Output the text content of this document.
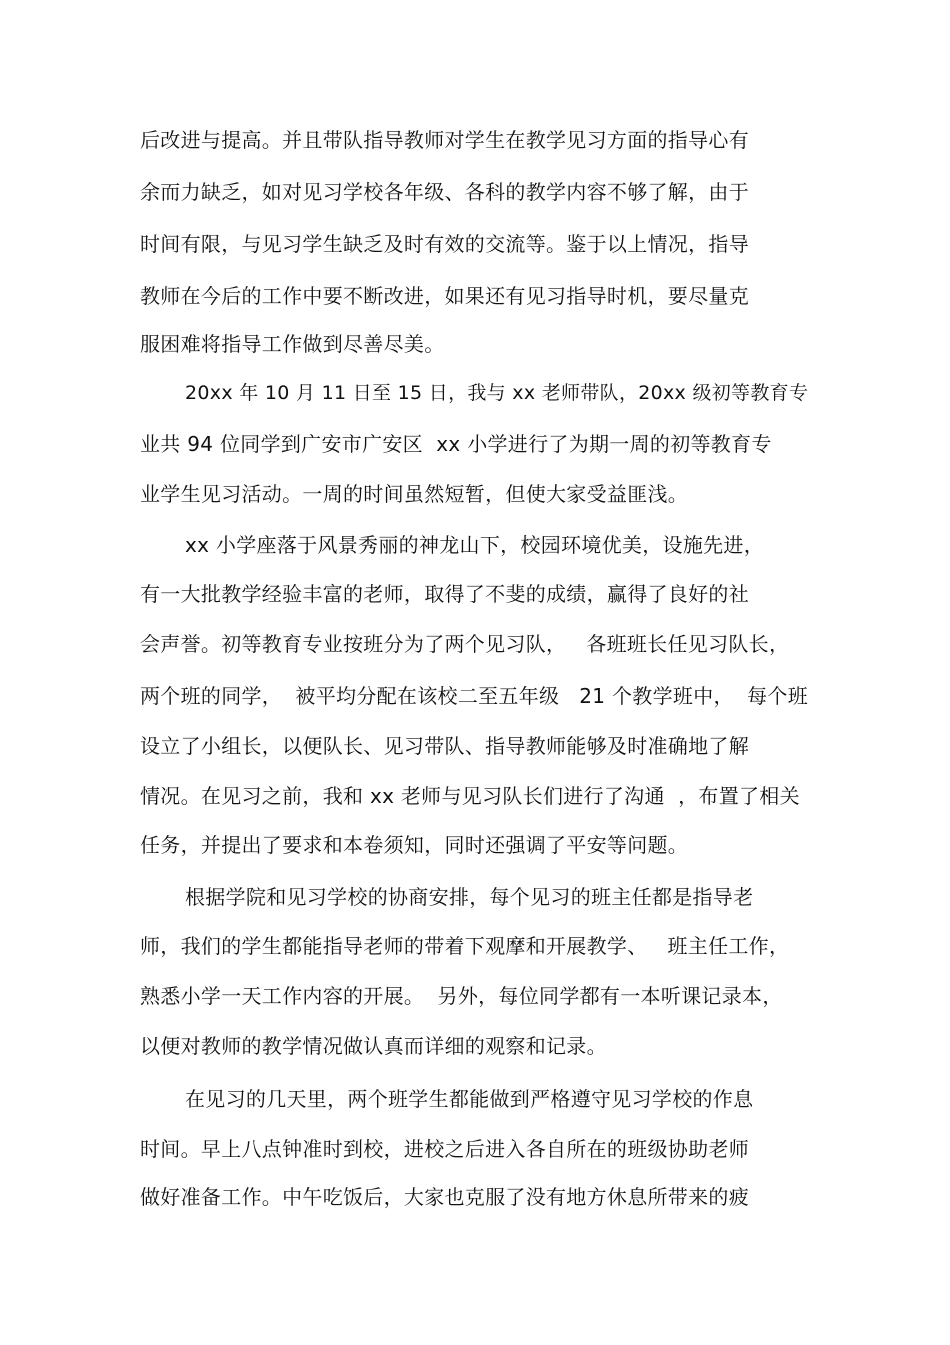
后改进与提高。并且带队指导教师对学生在教学见习方面的指导心有
余而力缺乏，如对见习学校各年级、各科的教学内容不够了解，由于
时间有限，与见习学生缺乏及时有效的交流等。鉴于以上情况，指导
教师在今后的工作中要不断改进，如果还有见习指导时机，要尽量克
服困难将指导工作做到尽善尽美。
20xx 年 10 月 11 日至 15 日，我与 xx 老师带队，20xx 级初等教育专
业共 94 位同学到广安市广安区  xx 小学进行了为期一周的初等教育专
业学生见习活动。一周的时间虽然短暂，但使大家受益匪浅。
xx 小学座落于风景秀丽的神龙山下，校园环境优美，设施先进，
有一大批教学经验丰富的老师，取得了不斐的成绩，赢得了良好的社
会声誉。初等教育专业按班分为了两个见习队，   各班班长任见习队长，
两个班的同学，  被平均分配在该校二至五年级   21 个教学班中，  每个班
设立了小组长，以便队长、见习带队、指导教师能够及时准确地了解
情况。在见习之前，我和 xx 老师与见习队长们进行了沟通  ，布置了相关
任务，并提出了要求和本卷须知，同时还强调了平安等问题。
根据学院和见习学校的协商安排，每个见习的班主任都是指导老
师，我们的学生都能指导老师的带着下观摩和开展教学、   班主任工作，
熟悉小学一天工作内容的开展。  另外，每位同学都有一本听课记录本，
以便对教师的教学情况做认真而详细的观察和记录。
在见习的几天里，两个班学生都能做到严格遵守见习学校的作息
时间。早上八点钟准时到校，进校之后进入各自所在的班级协助老师
做好准备工作。中午吃饭后，大家也克服了没有地方休息所带来的疲
